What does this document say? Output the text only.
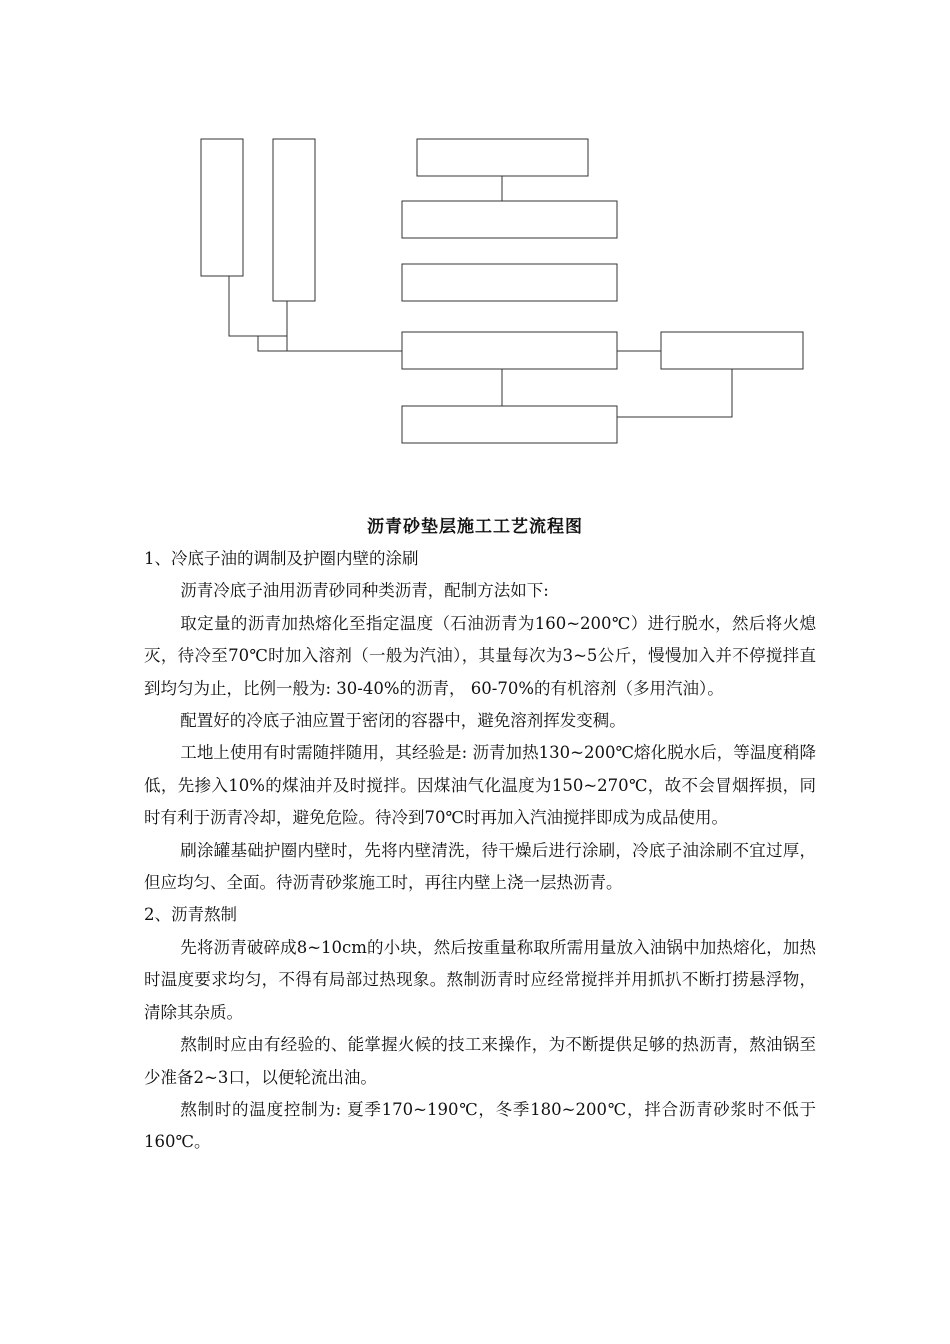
沥青砂垫层施工工艺流程图

1、冷底子油的调制及护圈内壁的涂刷

沥青冷底子油用沥青砂同种类沥青，配制方法如下:

取定量的沥青加热熔化至指定温度（石油沥青为160~200℃）进行脱水，然后将火熄灭，待冷至70℃时加入溶剂（一般为汽油），其量每次为3~5公斤，慢慢加入并不停搅拌直到均匀为止，比例一般为: 30-40%的沥青， 60-70%的有机溶剂（多用汽油）。

配置好的冷底子油应置于密闭的容器中，避免溶剂挥发变稠。

工地上使用有时需随拌随用，其经验是: 沥青加热130~200℃熔化脱水后，等温度稍降低，先掺入10%的煤油并及时搅拌。因煤油气化温度为150~270℃，故不会冒烟挥损，同时有利于沥青冷却，避免危险。待冷到70℃时再加入汽油搅拌即成为成品使用。

刷涂罐基础护圈内壁时，先将内壁清洗，待干燥后进行涂刷，冷底子油涂刷不宜过厚，但应均匀、全面。待沥青砂浆施工时，再往内壁上浇一层热沥青。

2、沥青熬制

先将沥青破碎成8~10cm的小块，然后按重量称取所需用量放入油锅中加热熔化，加热时温度要求均匀，不得有局部过热现象。熬制沥青时应经常搅拌并用抓扒不断打捞悬浮物，清除其杂质。

熬制时应由有经验的、能掌握火候的技工来操作，为不断提供足够的热沥青，熬油锅至少准备2~3口，以便轮流出油。

熬制时的温度控制为: 夏季170~190℃，冬季180~200℃，拌合沥青砂浆时不低于160℃。
